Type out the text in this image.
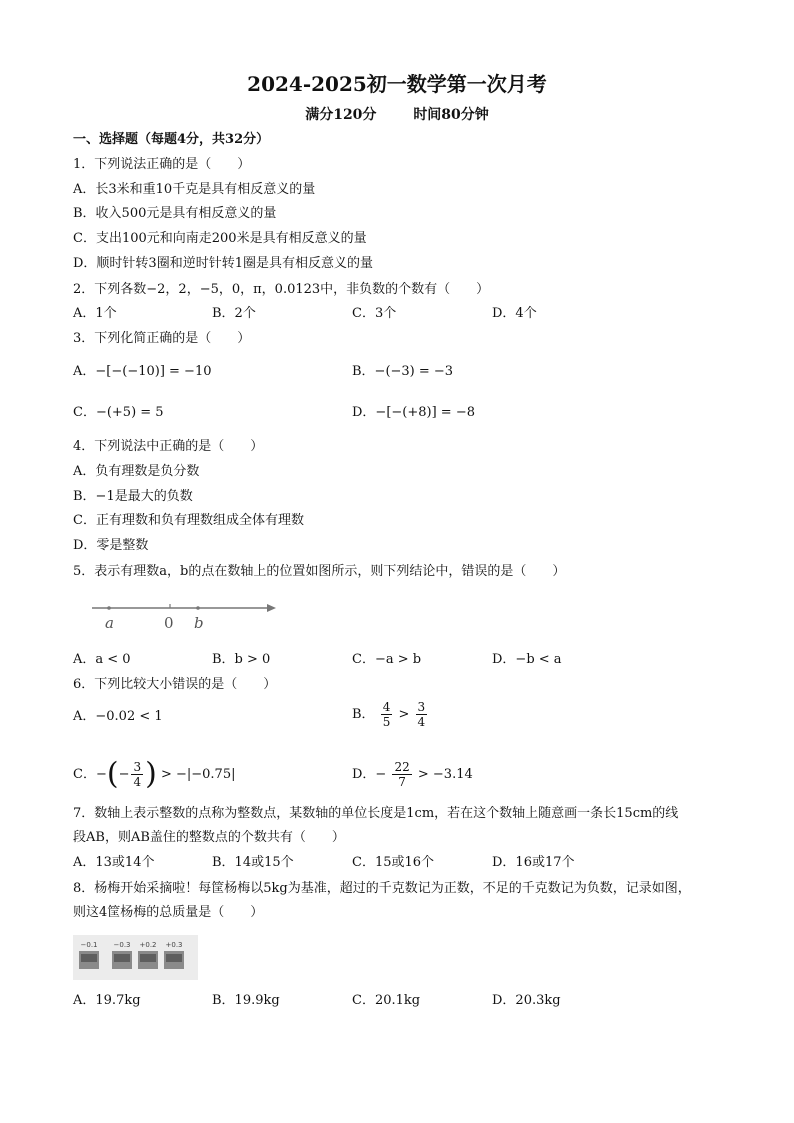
2024-2025初一数学第一次月考
满分120分	时间80分钟
一、选择题（每题4分，共32分）
1．下列说法正确的是（　　）
A．长3米和重10千克是具有相反意义的量
B．收入500元是具有相反意义的量
C．支出100元和向南走200米是具有相反意义的量
D．顺时针转3圈和逆时针转1圈是具有相反意义的量
2．下列各数−2，2，−5，0，π，0.0123中，非负数的个数有（　　）
A．1个	B．2个	C．3个	D．4个
3．下列化简正确的是（　　）
A．−[−(−10)] = −10	B．−(−3) = −3
C．−(+5) = 5	D．−[−(+8)] = −8
4．下列说法中正确的是（　　）
A．负有理数是负分数
B．−1是最大的负数
C．正有理数和负有理数组成全体有理数
D．零是整数
5．表示有理数a，b的点在数轴上的位置如图所示，则下列结论中，错误的是（　　）
a	0 b
A．a < 0	B．b > 0	C．−a > b	D．−b < a
6．下列比较大小错误的是（　　）
A．−0.02 < 1	B． $\frac{4}{5} > \frac{3}{4}$
C．−(− $\frac{3}{4}$ ) > −|−0.75|	D．− $\frac{22}{7} > -3.14$
7．数轴上表示整数的点称为整数点，某数轴的单位长度是1cm，若在这个数轴上随意画一条长15cm的线
段AB，则AB盖住的整数点的个数共有（　　）
A．13或14个	B．14或15个	C．15或16个	D．16或17个
8．杨梅开始采摘啦！每筐杨梅以5kg为基准，超过的千克数记为正数，不足的千克数记为负数，记录如图，
则这4筐杨梅的总质量是（　　）
−0.1 −0.3 +0.2 +0.3
A．19.7kg	B．19.9kg	C．20.1kg	D．20.3kg
